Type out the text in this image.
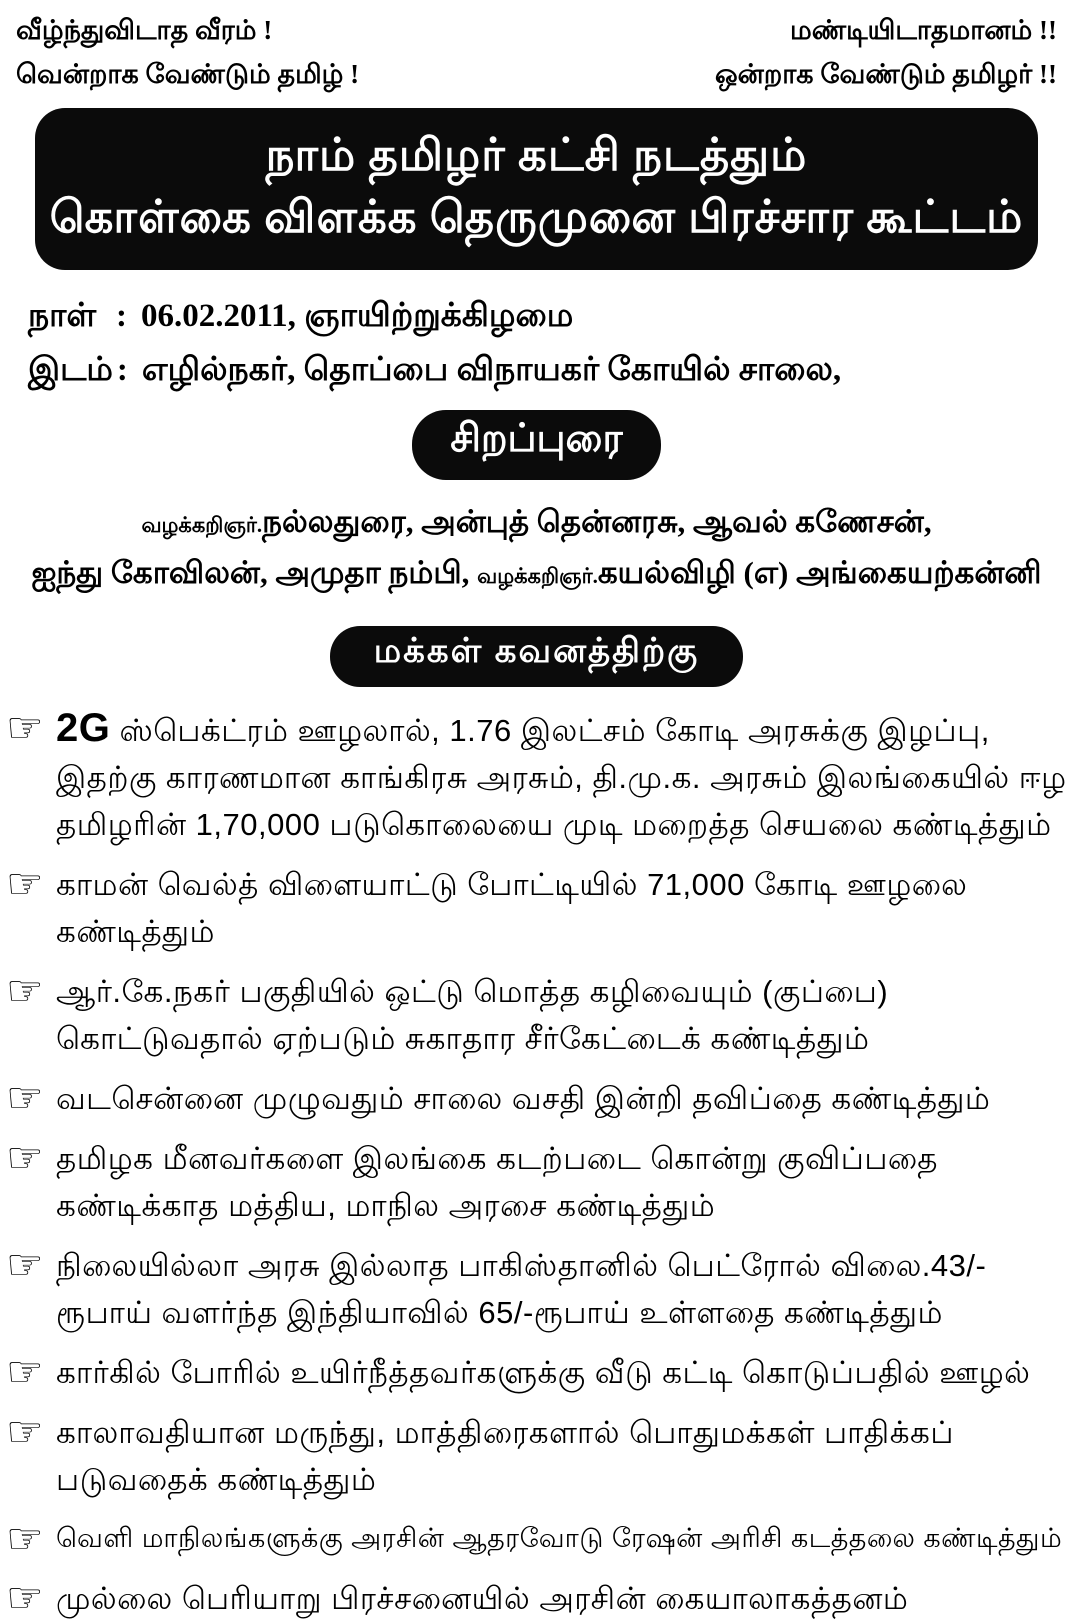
வீழ்ந்துவிடாத வீரம் !	மண்டியிடாதமானம் !!
வென்றாக வேண்டும் தமிழ் !	ஒன்றாக வேண்டும் தமிழர் !!
நாம் தமிழர் கட்சி நடத்தும்
கொள்கை விளக்க தெருமுனை பிரச்சார கூட்டம்
நாள் : 06.02.2011, ஞாயிற்றுக்கிழமை
இடம் : எழில்நகர், தொப்பை விநாயகர் கோயில் சாலை,
சிறப்புரை
வழக்கறிஞர்.நல்லதுரை, அன்புத் தென்னரசு, ஆவல் கணேசன்,
ஐந்து கோவிலன், அமுதா நம்பி, வழக்கறிஞர்.கயல்விழி (எ) அங்கையற்கன்னி
மக்கள் கவனத்திற்கு
☞ 2G ஸ்பெக்ட்ரம் ஊழலால், 1.76 இலட்சம் கோடி அரசுக்கு இழப்பு, இதற்கு காரணமான காங்கிரசு அரசும், தி.மு.க. அரசும் இலங்கையில் ஈழ தமிழரின் 1,70,000 படுகொலையை முடி மறைத்த செயலை கண்டித்தும்
☞ காமன் வெல்த் விளையாட்டு போட்டியில் 71,000 கோடி ஊழலை கண்டித்தும்
☞ ஆர்.கே.நகர் பகுதியில் ஒட்டு மொத்த கழிவையும் (குப்பை) கொட்டுவதால் ஏற்படும் சுகாதார சீர்கேட்டைக் கண்டித்தும்
☞ வடசென்னை முழுவதும் சாலை வசதி இன்றி தவிப்தை கண்டித்தும்
☞ தமிழக மீனவர்களை இலங்கை கடற்படை கொன்று குவிப்பதை கண்டிக்காத மத்திய, மாநில அரசை கண்டித்தும்
☞ நிலையில்லா அரசு இல்லாத பாகிஸ்தானில் பெட்ரோல் விலை.43/-ரூபாய் வளர்ந்த இந்தியாவில் 65/-ரூபாய் உள்ளதை கண்டித்தும்
☞ கார்கில் போரில் உயிர்நீத்தவர்களுக்கு வீடு கட்டி கொடுப்பதில் ஊழல்
☞ காலாவதியான மருந்து, மாத்திரைகளால் பொதுமக்கள் பாதிக்கப் படுவதைக் கண்டித்தும்
☞ வெளி மாநிலங்களுக்கு அரசின் ஆதரவோடு ரேஷன் அரிசி கடத்தலை கண்டித்தும்
☞ முல்லை பெரியாறு பிரச்சனையில் அரசின் கையாலாகத்தனம்
